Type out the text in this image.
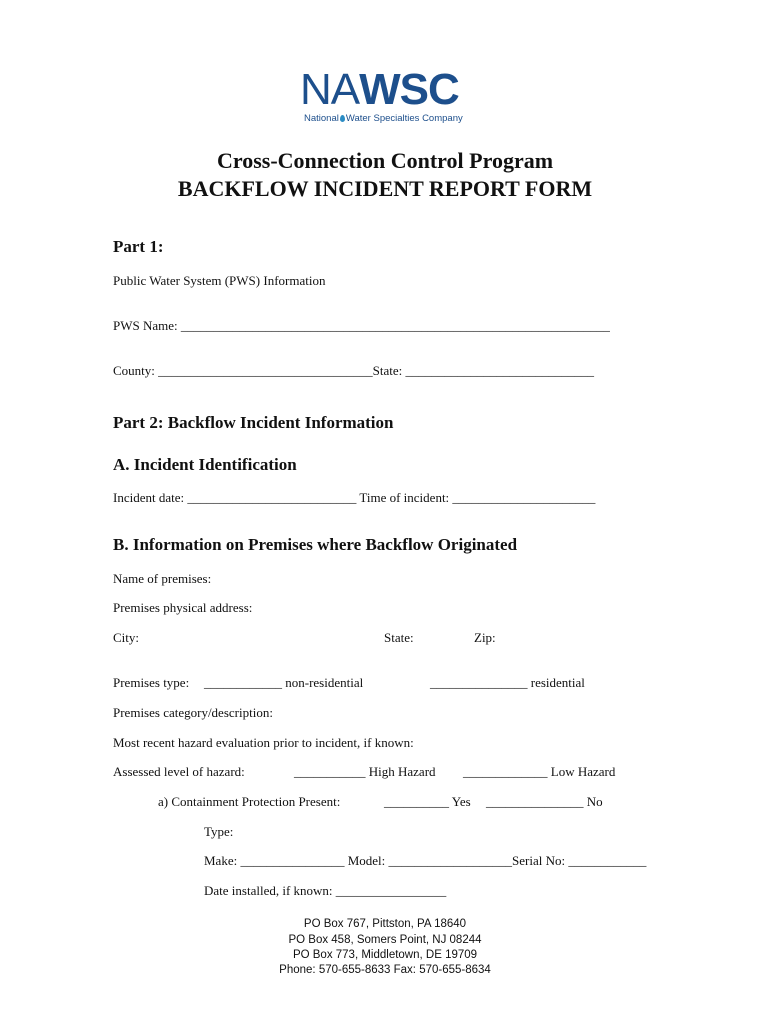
NAWSC
National Water Specialties Company
Cross-Connection Control Program
BACKFLOW INCIDENT REPORT FORM
Part 1:
Public Water System (PWS) Information
PWS Name: __________________________________________________________________
County: _________________________________State: _____________________________
Part 2: Backflow Incident Information
A. Incident Identification
Incident date: __________________________ Time of incident: ______________________
B. Information on Premises where Backflow Originated
Name of premises:
Premises physical address:
City:	State:	Zip:
Premises type: ____________ non-residential	_______________ residential
Premises category/description:
Most recent hazard evaluation prior to incident, if known:
Assessed level of hazard:	___________ High Hazard _____________ Low Hazard
a) Containment Protection Present:	__________ Yes _______________ No
Type:
Make: ________________ Model: ___________________Serial No: ____________
Date installed, if known: _________________
PO Box 767, Pittston, PA 18640
PO Box 458, Somers Point, NJ 08244
PO Box 773, Middletown, DE 19709
Phone: 570-655-8633 Fax: 570-655-8634
